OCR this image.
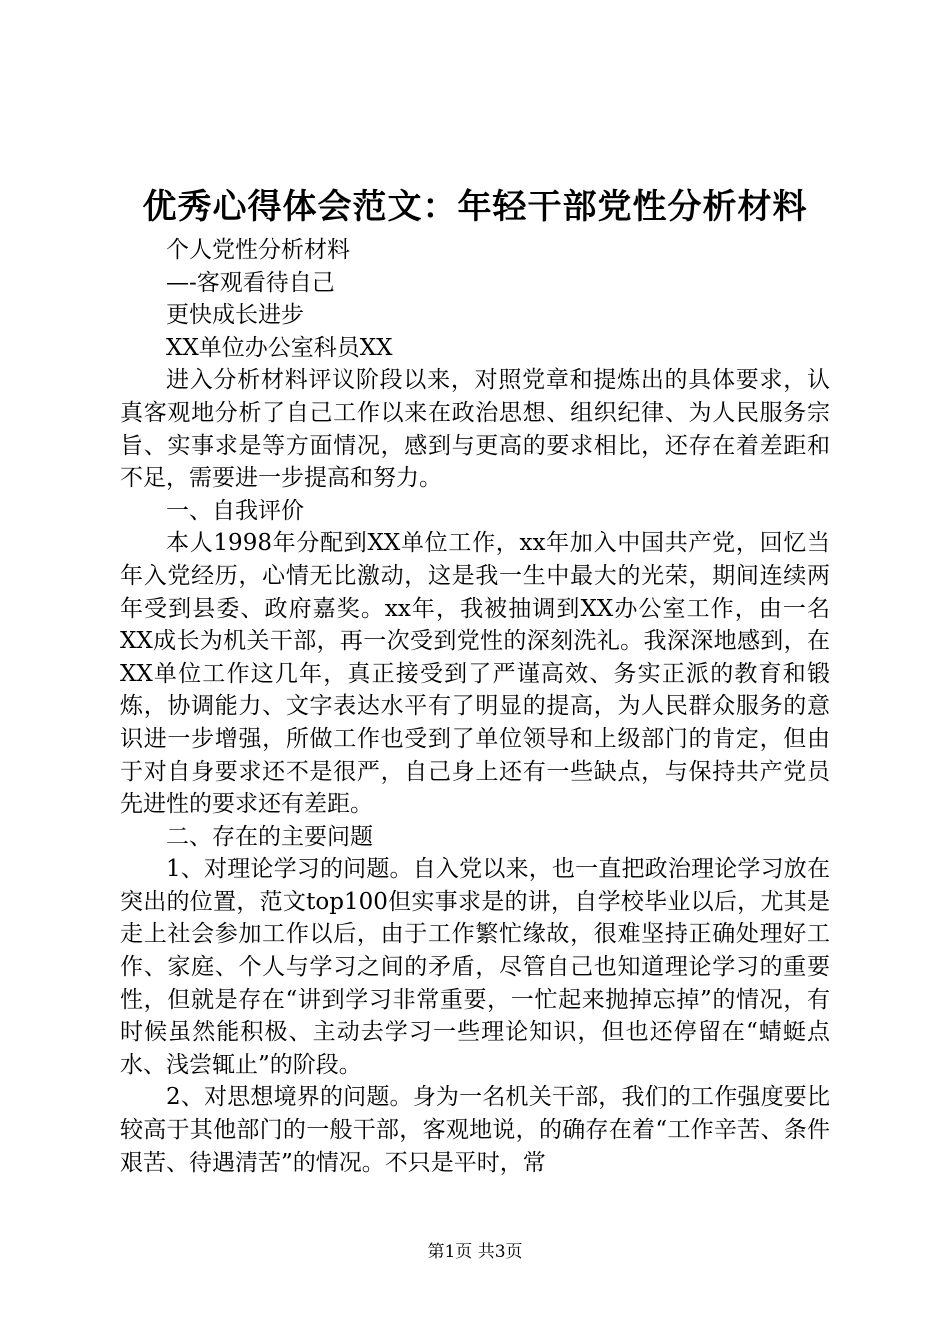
优秀心得体会范文：年轻干部党性分析材料

个人党性分析材料

—-客观看待自己

更快成长进步

XX单位办公室科员XX

进入分析材料评议阶段以来，对照党章和提炼出的具体要求，认真客观地分析了自己工作以来在政治思想、组织纪律、为人民服务宗旨、实事求是等方面情况，感到与更高的要求相比，还存在着差距和不足，需要进一步提高和努力。

一、自我评价

本人1998年分配到XX单位工作，xx年加入中国共产党，回忆当年入党经历，心情无比激动，这是我一生中最大的光荣，期间连续两年受到县委、政府嘉奖。xx年，我被抽调到XX办公室工作，由一名XX成长为机关干部，再一次受到党性的深刻洗礼。我深深地感到，在XX单位工作这几年，真正接受到了严谨高效、务实正派的教育和锻炼，协调能力、文字表达水平有了明显的提高，为人民群众服务的意识进一步增强，所做工作也受到了单位领导和上级部门的肯定，但由于对自身要求还不是很严，自己身上还有一些缺点，与保持共产党员先进性的要求还有差距。

二、存在的主要问题

1、对理论学习的问题。自入党以来，也一直把政治理论学习放在突出的位置，范文top100但实事求是的讲，自学校毕业以后，尤其是走上社会参加工作以后，由于工作繁忙缘故，很难坚持正确处理好工作、家庭、个人与学习之间的矛盾，尽管自己也知道理论学习的重要性，但就是存在“讲到学习非常重要，一忙起来抛掉忘掉”的情况，有时候虽然能积极、主动去学习一些理论知识，但也还停留在“蜻蜓点水、浅尝辄止”的阶段。

2、对思想境界的问题。身为一名机关干部，我们的工作强度要比较高于其他部门的一般干部，客观地说，的确存在着“工作辛苦、条件艰苦、待遇清苦”的情况。不只是平时，常

第1页 共3页
